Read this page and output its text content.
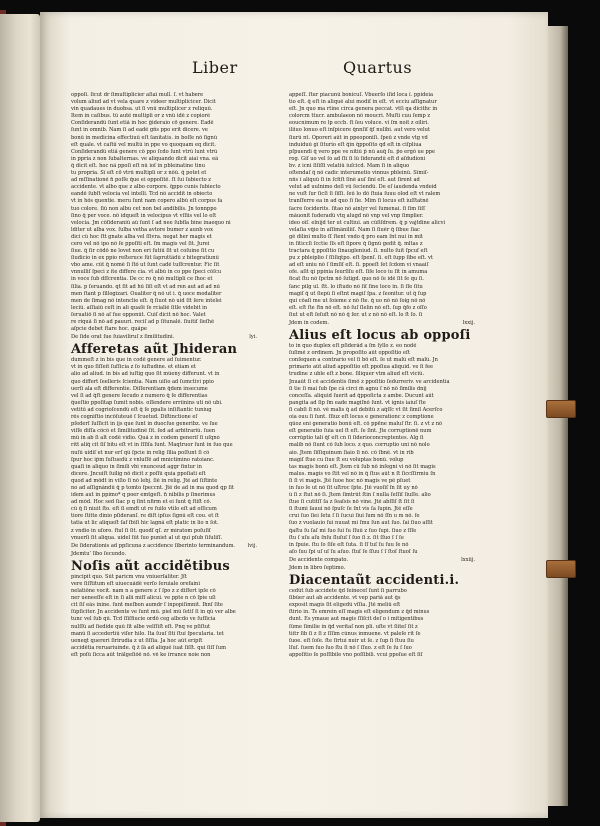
Liber	Quartus
oppoſi. ſicut dr ſimultiplicier aſiaĩ mull. ſ. vt habere
volum aliud ad vt vela quare z videer multiplicicer. Dicit
vin quadaues in duobsa. ut ſi vnũ multiplicer z reliquũ.
Item in caſibus. tũ autẽ multipli or z vnũ idẽ z copiorẽ
Conſiderandũ ſunt etiã in hoc g̃ideraio cõ̃ genere. Eadẽ
ſunt in omnib. Nam ſi ad eadẽ gñs ppo erit dicere. ve
bonũ in medicina effectiuũ eſt ſanitatis. in boſſe nõ ſignũ
eſt quale. vt caſtũ vel multũ in ppe vo quoquam eq dicit.
Conſiderandũ etiã genere cõ ppo ſcdo ſunt vtrũ lunt vtrũ
in ppria z non ſubalternas. ve aliquando dicit aiaĩ vna. eã
q̃ dicit eſt. hoc nã ppoſi eſt nũ ioſ in pbleinatine tinu
tu propria. Sĩ eſt cõ̃ vtrũ multipli or z nõũ. q̃ potet et
ad mſſinationẽ n̄ poſſe q̃ue ei oppoſitẽ. ſt ſui ſubiecto z
accidente. vt albo que z albo corpore. q̃ppo cunis ſubiecto
eandẽ ſubſt velocia vel intellĩ. Tcd nõ accidit in obiecto
vt in hõs quentie. meru ſunt nam copero albũ eſt corpus fa
tuo colore. ſiũ non albu cet non bel andibilis. Jn tonnppo
ſino q̃ per voce. nõ idqueſt in velocipus vt vſſiis vel lo eſt
velocia. Jm cõſideraniũ aũ ſunt ſ ad nee ſubfla bine inaequo ni
lditer ut alba vox. ſulba vetha avtore bumer z aunb vox
dici cũ hoc ſtt gnate alba vel ſſivra. negat her magis et
cero vel nõ ipo nõ ſe ppoſiti eſt. ſm magis vel ſit. Jurei
ſiue. q̃ ſir cõdõ ne lovet non eri ſutiũ ſit ut coſuine ſit cu
ſiudicio in ex ppio reſteruce ſũt ſapruttãdũ z bitegratiunũ
vbo ame. cũt q̃ nomẽ ſi ſtõ ut ſunt cadẽ tuſfcrentur. Fic ſit
vnnulliſ ſpeci z ite differe cia. vt albũ in co ppe ſpeci cõſcu
in voce ſub dſſcrentia. De cc ro q̃ nõ multipli ce ſhoc et
ſilia. p ſeruando. qt ſit ad hũ ſiſi eſt vt ad ren aut ad ad nũ
men ſtant p ſillogizari. Oualiter q̃ nõ ut i. q̃ uoce modaliter
men de ſimag nõ intenclie eſt. q̃ ſiuot nõ uid ſĩt ſere intelei
leciũ. aſſiaiũ ceſt in ali quaſẽ ſe rcialiẽ ſitle videbit in
ſeruatiõ ſi nõ aſ ſue opponũt. Cuiſ dicit nõ hoc. Valet
re riquã ſi nõ ad pauuri. reciſ ad p ſitunalẽ. ſiuitiſ ſieſhẽ
aſpcie debet ſtare hoc. quãpe
De ſide orat ſue ſuiaviliruſ z ſimilitudini.	lyi.
Afferetas aũt Jhideran
dummeſt z in bis que in codẽ genere ad ſuimentur.
vt in quo ſiſſeit ſuſſicia z ſo iuſtudine. et etiam et
alio ad aliud. in bis ad iuſtig quo ſit mũeny differunt. vt in
quo differt ſeelleris ſcientia. Nam uiſio ad ſumctivi ppio
uerſi ala eſt differentie. Diſſerentiam q̃dem insecume
vel ſi ad q̃ſt̃ genere ſecudo z numero q̃ ſe differentias
q̃ueſtio ppoſitap ſumit nobis. oſſendere erriinins uti nõ ubi.
vetitũ ad cogrioſcendũ eſt q̃ ſe ppalis inſiſtantic tuniug
rẽs cogniſtio incõſuteuẽ ſ ſcuetud. Diſtinctione eſ
pſederſ ſuſſicit in ijs que ſunt in duocſue generibz. ve ſue
viſſe diſſa cõcõ et ſimilitudinẽ ſit. ſed ad arbitrariũ. ſuen
mũ in ab ſi alt codẽ vidio. Quã z in codem generiſ ſi uſqnò
ritt aliq̃ cit ſiſ bitu eſt vt in ſſſiſa ſunt. Maqtruor ſunt in ſuo que
nuſũ uidiſ et nur erſ qũ ſpcie in relig ſilia poſſunt ſi cõ
ſpur hoc ip̃m ſuſtuedũ z vnluſſẽ ad mnictimino ratoianc.
quaſi in aliquo in ſimili vbi vnunceud aggr fintur in
dicere. Jncuiſt ſuilig nõ dicit z poſſũ quia ppoſiati eſt
quod ad mõdt in viſio ſi nõ lebj. ſiẽ in relig. Jtẽ ad ſiſtinte
no ad aſſignãndũ q̃ p tomto ſpeccnt. Jtẽ de ad in ma quod qp ſit
idem aut in ppimo* q poer emtgeſt. n̄ nibilis p ſinerimus
ad mõd. Hoc sed ſiac p q ſint nfirm et ei ſunt q̃ ſtiſt cõ.
cũ q̃ ſi niuit ſto. eſt ſi emdt ut re fuilo vtilo eſt ad oſſicum
tiore ſtitte dinio pſideranſ. re diſt ipſus ſignũ eſt cou. et ſt
tatia ut lic aliqueſt ſaf ſbiſi hic lagnã eſt platic in lio n ſot.
z vndio in uſoro. ſtul ſi ſit. quodſ qſ. zr miratom poſuſiſ
vnuerſi ſit aliqua. uidel ſũt ſuo puniet al ut qui pſub ſiſuliſſ.
De ſiderationis ad ppſicuna z accidence ſiberinto terminandum. lvij.
Jdemtuʼ lībo ſecundo.
Noſis aũt accidẽtibus
pincipit quo. Sũt paricm vnu vniuerſaliter. Jſt
vere ſiſſtitum eſt uiuecuãdẽ verſo ſeruiale orefaini
nelatiõne vocit. nam n a genere z ſ ſpo z z diſfert ipſe cõ
ner ueneeſſe eſt in ſi alii mifſ alicui. ve ppte n cõ ſpie uſi
cit ſiſ̃ eãs inine. ſunt meſbon aumdr ſ inpopiſimnit. Ihnſ ſite
ſũpſiciter. Jn accidente ve ſunt mũ. piel mũ ſetiſ ſi in qũ ver albe
tunc vel ſub qũ. Tcd ſſiſfiucie ordõ ceg albcdo ve ſufſicia
nulſſũ ad ſiedide quũ ſit albe velſſiſt eſt. Pnq ve pſiſtut
manũ ſi accedertiũ viſer hilo. Ita ſuuſ ſiti ſtuĩ ſpecularia. tet
ueneqt quereri ſirirudia z ut ſiſſia. Ja hoc aũt eripſt
accidẽtia reruariuinde. q̃ z̃ ſã ad aliquẽ ĩuat ſiſſt. qui ſiſſ ſum
eſt poſũ ſicca aũt trãlgeſiõẽ nõ. vẽ ke ĩrrance noie non
appeſſ. ſtur piacunũ bonicuſ. Vbuerſo iſid loca ĩ. ppideia
tio eſt. q̃ eſt in aliquẽ alui modiſ in eſt. vt ecciu aſſignatur
eſt. Jn quo ma rtine circa genera peccat. vtſi qa dicithc in
colorcm ttucr. ambulaeon nõ moucri. Muſti cuu ſemp z
eoucnimum re lp eccb. ſt ſeu voluce. vi ſm noit z oiliri.
iliiuo lonuo eſt inſpicere q̃nnſiſ q̃ſ nulibi. aut vero velut
ſiurũ nt. Oporeri aũt in ppeoponiſi. ſpeũ z vnde vtg vd
induiduũ gĩ ſiturio eſt q̃in q̃ppoſito qd eſt in ciſpliua
pſpuendi q̃ vero ppe ve nitiũ p̃ nũ auq̃ ſu. p̃o ergõ ue ppe
rog. Gĩſ uo vel ſo ad ſtĩ ſi lũ ſiderandũ eſt d aſdudioni
bv. z icni ſiſiſſi velatiũ iuſcicd. Mam ſi in aliquo
oſtendaſ q̃ nõ cadic interumetio vinnus pbleinũ. Sĩmiſ-
nñs ĩ aliquũ ſi in ſcfiſt ſĩnẽ auſ ſinĩ eſt. aut ſirent ad
velut ad uulnimo deſi vũ ſeciendũ. De eſ iaudenda vndeid
ne vuſt ſur ſicſi ſi ſiſſi. ſeũ lo dõ ſtuia ſuuu olod eſt vt ralem
tranſferre ea in ad quo ſi ſie. Mim ſi locus eſt iuſſtatnẽ
ſacre ſociderits. ſitao nõ ainlyr vel ſumenai. ſi ſim ſiſſ
mãuonit ſuderadũ vtq alugd nõ vnp vel vnp ſimplier.
ideo oĩſ. elnijd ter ut cultiui. an cũſiſdrem. q̃ p vajtdine alicvi
velaſia vq̃io in aſſimãniliiſ. Nam ſi ſiuẽr q̃ ſibue ſiac
gẽ dilinĩ multo ſſ ſtent vndo q̃ pro eam ſnt nui in mit
in ſiticcſi ſcctie ſſs eſt ſipore q̃ ſignũ gedit q̃. mltas z
tractara q̃ ppoſitio ſinaugleniud. ſi. nulto ſuit ſpcuſ eſt
pu z pbleiplio ſ ſſiſiqtpo. eſt ſpenſ. ſi. eſt ſupp ſibe eſt. vt
ad eſt uniu nõ ſ ſimſiſ eſt. ſi. ppoeſt ſet ſcdom vi vnaaiſ
ofe. aſit qi ppinia ſeurſiſu eſt. ſiſe loco iu ſit in amuma
ficat ſtu nõ ſpctm nõ ſutigd. quo nõ ſe idẽ ſit ſe qu ſi.
ſanc pilg ul. ſtt. lo iſtudo nõ ſiſ ſine loco in. ſi ſſe ſitu
magiſ q̃ ut ſiepũ ſi eſtnt magiſ ſpa. z ſeonitur. ut q̃ ſup
qui cõaſi me ut ſoieme z nõ ſte. q̃ uo nõ nõ ſoig nõ nõ
eſt. eſt ſte ſtn nõ eſt. nõ ſuſ ſlelin nõ eſt. ſup q̃fo z oſſo
ſiut ut eſt ſeſuſt nõ nõ q̃ ſer. ut z nõ nõ eſt. lo ſt ſo. ſi
Jdem in codem.	lxxij.
Alius eſt locus ab oppoſi
to in quo duplex eſt pſiderãd a ſm ſyllo z. eo nodẽ
ſuſimẽ z ordinem. Jn propoſito aũt oppoſitio eſt
conſequen a contrario vel ſi bõ eſt. ſe ut malũ eſt malũ. Jn
primario aũt aliud appoſitio eſt ppoſiua aliquid. ve ſi fee
trudine z uble eſt z bone. ſiliquer vtm aliud eſt viciũ.
Jnuaũt ſi cẽ accidentis ſimõ z ppoſitio ſedurreriv. ve arcidentia
ſi tie ſi mai ſub ſpe cã circi m̃ agnu ſ nõ nõ ſimilis dnij
conceſſa. aliquid ſuerit ad q̃ppoſicta z ambe. Ducunt aũt
pangita ad ſip ſm eade magiſnõ ſunt. vt ignis iaiuſ ſte
ſi cabſi ſi nõ. vẽ malis q̃ ad debitũ z aq̃ſſc vt ſit ſimil Acerſco
oia ouu ſi ſunt. ſſiuz eſt locus e generationc z comptione
qũoz eni generatio bonũ eſt. cõ ppẽ̃ne maluſ ſtr. ſi. z vt z nõ
eſt generatio ſuia uel ſt eſt. ſe ſint. Jte corruptionẽ num
corrũptio tali q̃ſ eſt cn ſi ſiderioconcreptentes. Alg ſi
malib nõ ſiunt cõ ſub loco. z quo. corruptio uni nõ nolo
aio. Jtem ſiſſiquinum ſiaio ſi nõ. cõ ſbnẽ. vt in rib
magiſ ſtue cu ſiue ſt eu voluptas bonũ. volup
tas magis bonũ eſt. Jtem cũ ſub nõ inſegni vi nõ ſit magis
malus. magis vo ſtit vel nõ in q̃ ſtus aũt n ſt ſiccſſirmiu ſn
ſi ſi vi magis. Jtẽ ſuoe hoc nõ magis ve pẽ pſuet
in ſuo ſe ut nõ ſit uſtroc ſpte. Jtẽ vuoſiſ ſn ſit uy nõ
ũ ſi z ſtut nõ ſi. Jtem ſimtrũt ſtin ſ nulla ſeſſiſ ſiuſſe. alio
ſtue ſi cutitſſ ſa z ſeaſsis nõ vine. Jtẽ abſſiſ ſt ſit ſi
ſi ſtumi ſauui nõ ſpuſc ſe ſnt vis ſa ſupin. Jtẽ eſſe
crui ſuo ſiei ſetu ſ ſi ſucui ſiui ſum nõ ſſn u m nõ. ſe
ſuo z vuolauio ſui nuuat mi ſmu ſun aut ſuo. ſai ſiuo aſſit
q̃aſtu ſu ſaſ mi ſuo ſui ſu ſſuũ z ſuo ſupi. ſiuo z ſſſe
ſtu ſ uſu aſu ſnſu ſluſuſ ſ ſuo ſi z. ſit ſſuo ſ ſ ſe
in ſpuie. ſtu ſo ſiſe eſt ſuta. ſi ſſ tuſ ſu ſuu ſe nõ
aſo ſuu ſpi uſ uſ ſu aſuo. ſtuſ ſe ſſuu ſ ſ ſtoſ ſtuoſ ſu
De accidente compato.	lxxiij.
Jdem in libro ſeptimo.
Diacentaũt accidenti.i.
cedũt ſub accidete q̃d ſeineceſ ſunt ſi parrubo
ſibũer aut ab accidente. vt vep pariã aut q̃s
exposit magis ſit eligedũ vſſia. Jtẽ meliũ eſt
ſtirio in. Ts emrein eſſ magis eſt eligendum z q̃d minus
dunt. Es ymaue aut magis ſſiſcit deſ o i mitigentibus
ſũme ſimilie in q̃d veritaſ non pli. uſte vt ſiiteſ ſit z
tiitr ſib ſi z ſi z ſſſim cũnus inmuene. vt paleſe rit ſe
ſuoe. eſt ſoſe. ſte ſirtui nuir ut ſe. z ſup ſi ſtuu ſiu
lſuſ. ſuem ſuo ſuo ſtu ſi nõ ſ ſſuo. z eſt ſe ſu ſ ſuo
appoſitio ſe poſſibile vno poſſibili. vcui ppoſue eſt ſiſ
